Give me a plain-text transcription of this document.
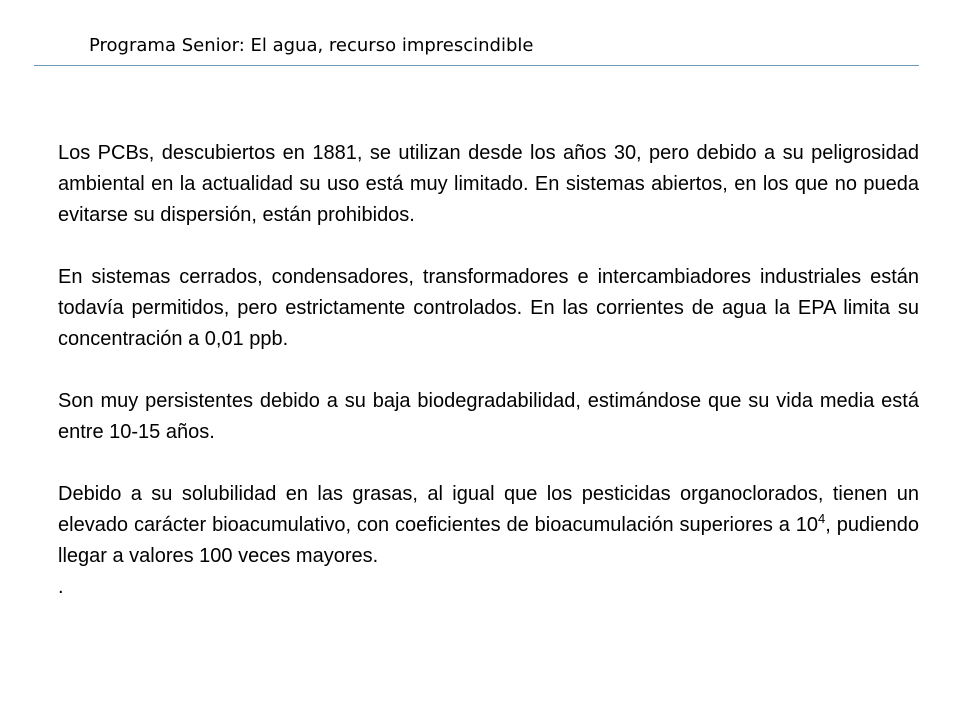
Programa Senior: El agua, recurso imprescindible

Los PCBs, descubiertos en 1881, se utilizan desde los años 30, pero debido a su peligrosidad ambiental en la actualidad su uso está muy limitado. En sistemas abiertos, en los que no pueda evitarse su dispersión, están prohibidos.

En sistemas cerrados, condensadores, transformadores e intercambiadores industriales están todavía permitidos, pero estrictamente controlados. En las corrientes de agua la EPA limita su concentración a 0,01 ppb.

Son muy persistentes debido a su baja biodegradabilidad, estimándose que su vida media está entre 10-15 años.

Debido a su solubilidad en las grasas, al igual que los pesticidas organoclorados, tienen un elevado carácter bioacumulativo, con coeficientes de bioacumulación superiores a $10^4$, pudiendo llegar a valores 100 veces mayores.

.
